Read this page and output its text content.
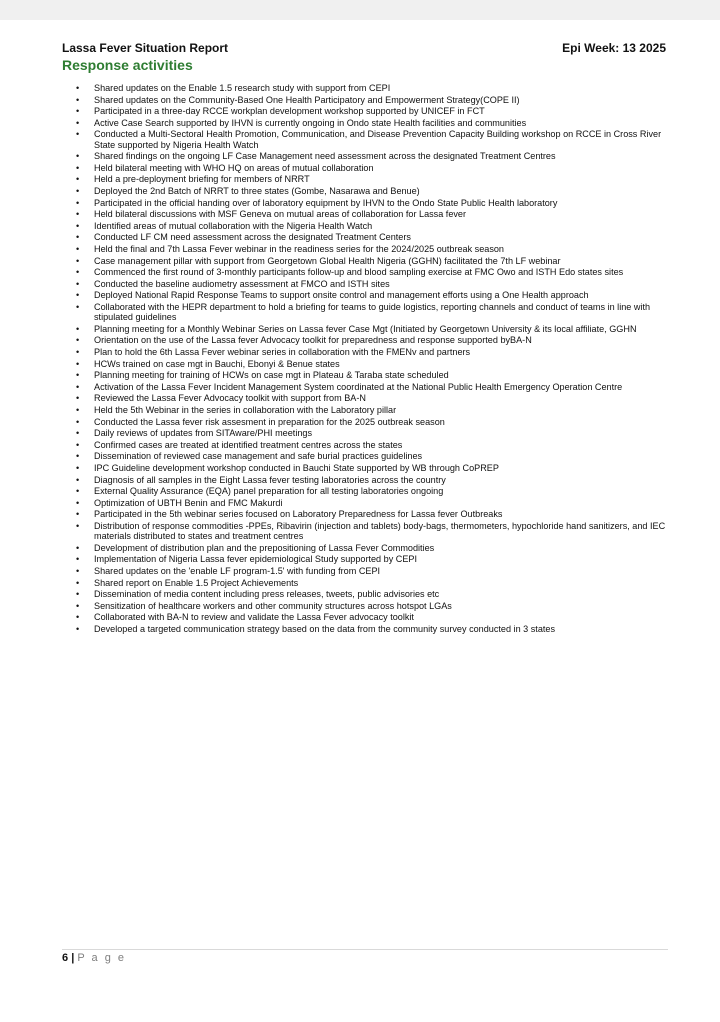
Lassa Fever Situation Report	Epi Week: 13 2025
Response activities
• Shared updates on the Enable 1.5 research study with support from CEPI
• Shared updates on the Community-Based One Health Participatory and Empowerment Strategy(COPE II)
• Participated in a three-day RCCE workplan development workshop supported by UNICEF in FCT
• Active Case Search supported by IHVN is currently ongoing in Ondo state Health facilities and communities
• Conducted a Multi-Sectoral Health Promotion, Communication, and Disease Prevention Capacity Building workshop on RCCE in Cross River State supported by Nigeria Health Watch
• Shared findings on the ongoing LF Case Management need assessment across the designated Treatment Centres
• Held bilateral meeting with WHO HQ on areas of mutual collaboration
• Held a pre-deployment briefing for members of NRRT
• Deployed the 2nd Batch of NRRT to three states (Gombe, Nasarawa and Benue)
• Participated in the official handing over of laboratory equipment by IHVN to the Ondo State Public Health laboratory
• Held bilateral discussions with MSF Geneva on mutual areas of collaboration for Lassa fever
• Identified areas of mutual collaboration with the Nigeria Health Watch
• Conducted LF CM need assessment across the designated Treatment Centers
• Held the final and 7th Lassa Fever webinar in the readiness series for the 2024/2025 outbreak season
• Case management pillar with support from Georgetown Global Health Nigeria (GGHN) facilitated the 7th LF webinar
• Commenced the first round of 3-monthly participants follow-up and blood sampling exercise at FMC Owo and ISTH Edo states sites
• Conducted the baseline audiometry assessment at FMCO and ISTH sites
• Deployed National Rapid Response Teams to support onsite control and management efforts using a One Health approach
• Collaborated with the HEPR department to hold a briefing for teams to guide logistics, reporting channels and conduct of teams in line with stipulated guidelines
• Planning meeting for a Monthly Webinar Series on Lassa fever Case Mgt (Initiated by Georgetown University & its local affiliate, GGHN
• Orientation on the use of the Lassa fever Advocacy toolkit for preparedness and response supported byBA-N
• Plan to hold the 6th Lassa Fever webinar series in collaboration with the FMENv and partners
• HCWs trained on case mgt in Bauchi, Ebonyi & Benue states
• Planning meeting for training of HCWs on case mgt in Plateau & Taraba state scheduled
• Activation of the Lassa Fever Incident Management System coordinated at the National Public Health Emergency Operation Centre
• Reviewed the Lassa Fever Advocacy toolkit with support from BA-N
• Held the 5th Webinar in the series in collaboration with the Laboratory pillar
• Conducted the Lassa fever risk assesment in preparation for the 2025 outbreak season
• Daily reviews of updates from SITAware/PHI meetings
• Confirmed cases are treated at identified treatment centres across the states
• Dissemination of reviewed case management and safe burial practices guidelines
• IPC Guideline development workshop conducted in Bauchi State supported by WB through CoPREP
• Diagnosis of all samples in the Eight Lassa fever testing laboratories across the country
• External Quality Assurance (EQA) panel preparation for all testing laboratories ongoing
• Optimization of UBTH Benin and FMC Makurdi
• Participated in the 5th webinar series focused on Laboratory Preparedness for Lassa fever Outbreaks
• Distribution of response commodities -PPEs, Ribavirin (injection and tablets) body-bags, thermometers, hypochloride hand sanitizers, and IEC materials distributed to states and treatment centres
• Development of distribution plan and the prepositioning of Lassa Fever Commodities
• Implementation of Nigeria Lassa fever epidemiological Study supported by CEPI
• Shared updates on the 'enable LF program-1.5' with funding from CEPI
• Shared report on Enable 1.5 Project Achievements
• Dissemination of media content including press releases, tweets, public advisories etc
• Sensitization of healthcare workers and other community structures across hotspot LGAs
• Collaborated with BA-N to review and validate the Lassa Fever advocacy toolkit
• Developed a targeted communication strategy based on the data from the community survey conducted in 3 states
6 | P a g e
